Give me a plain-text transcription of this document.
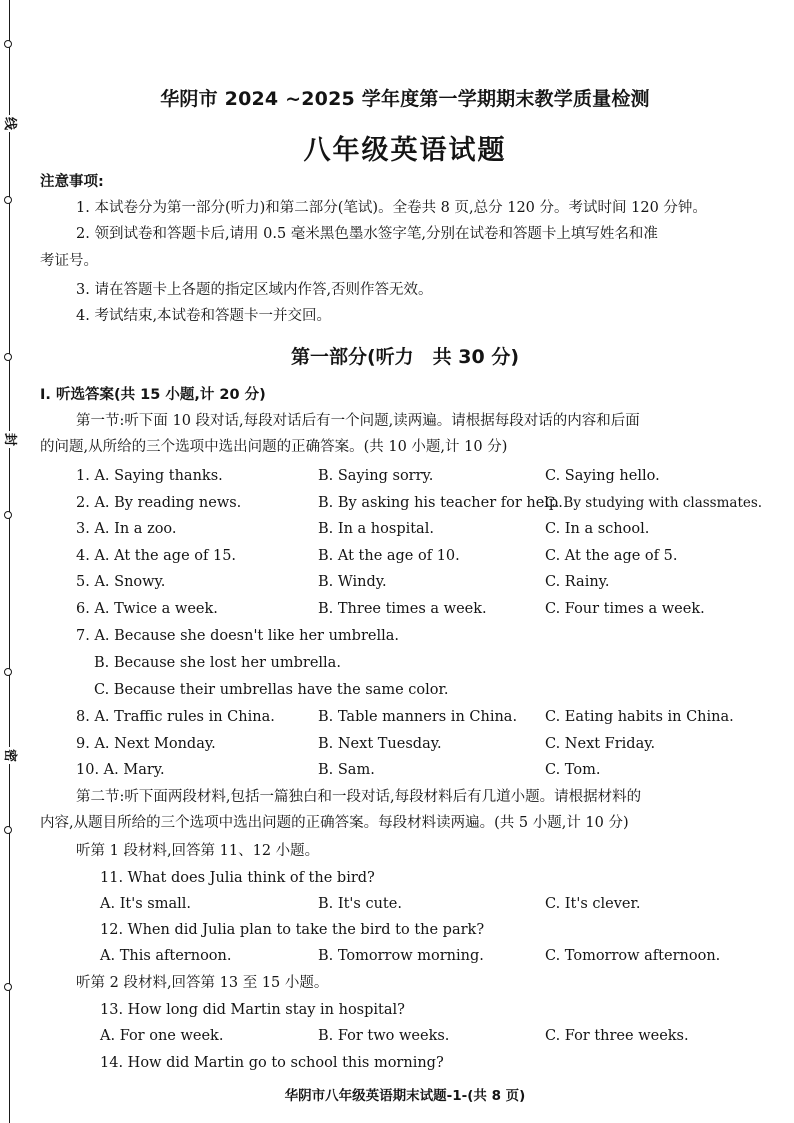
线
封
密
华阴市 2024 ~2025 学年度第一学期期末教学质量检测
八年级英语试题
注意事项:
1. 本试卷分为第一部分(听力)和第二部分(笔试)。全卷共 8 页,总分 120 分。考试时间 120 分钟。
2. 领到试卷和答题卡后,请用 0.5 毫米黑色墨水签字笔,分别在试卷和答题卡上填写姓名和准
考证号。
3. 请在答题卡上各题的指定区域内作答,否则作答无效。
4. 考试结束,本试卷和答题卡一并交回。
第一部分(听力　共 30 分)
Ⅰ. 听选答案(共 15 小题,计 20 分)
第一节:听下面 10 段对话,每段对话后有一个问题,读两遍。请根据每段对话的内容和后面
的问题,从所给的三个选项中选出问题的正确答案。(共 10 小题,计 10 分)
1. A. Saying thanks.	B. Saying sorry.	C. Saying hello.
2. A. By reading news.	B. By asking his teacher for help.
C. By studying with classmates.
3. A. In a zoo.	B. In a hospital.	C. In a school.
4. A. At the age of 15.	B. At the age of 10.	C. At the age of 5.
5. A. Snowy.	B. Windy.	C. Rainy.
6. A. Twice a week.	B. Three times a week.	C. Four times a week.
7. A. Because she doesn't like her umbrella.
B. Because she lost her umbrella.
C. Because their umbrellas have the same color.
8. A. Traffic rules in China.	B. Table manners in China. C. Eating habits in China.
9. A. Next Monday.	B. Next Tuesday.	C. Next Friday.
10. A. Mary.	B. Sam.	C. Tom.
第二节:听下面两段材料,包括一篇独白和一段对话,每段材料后有几道小题。请根据材料的
内容,从题目所给的三个选项中选出问题的正确答案。每段材料读两遍。(共 5 小题,计 10 分)
听第 1 段材料,回答第 11、12 小题。
11. What does Julia think of the bird?
A. It's small.	B. It's cute.	C. It's clever.
12. When did Julia plan to take the bird to the park?
A. This afternoon.	B. Tomorrow morning.	C. Tomorrow afternoon.
听第 2 段材料,回答第 13 至 15 小题。
13. How long did Martin stay in hospital?
A. For one week.	B. For two weeks.	C. For three weeks.
14. How did Martin go to school this morning?
华阴市八年级英语期末试题-1-(共 8 页)
